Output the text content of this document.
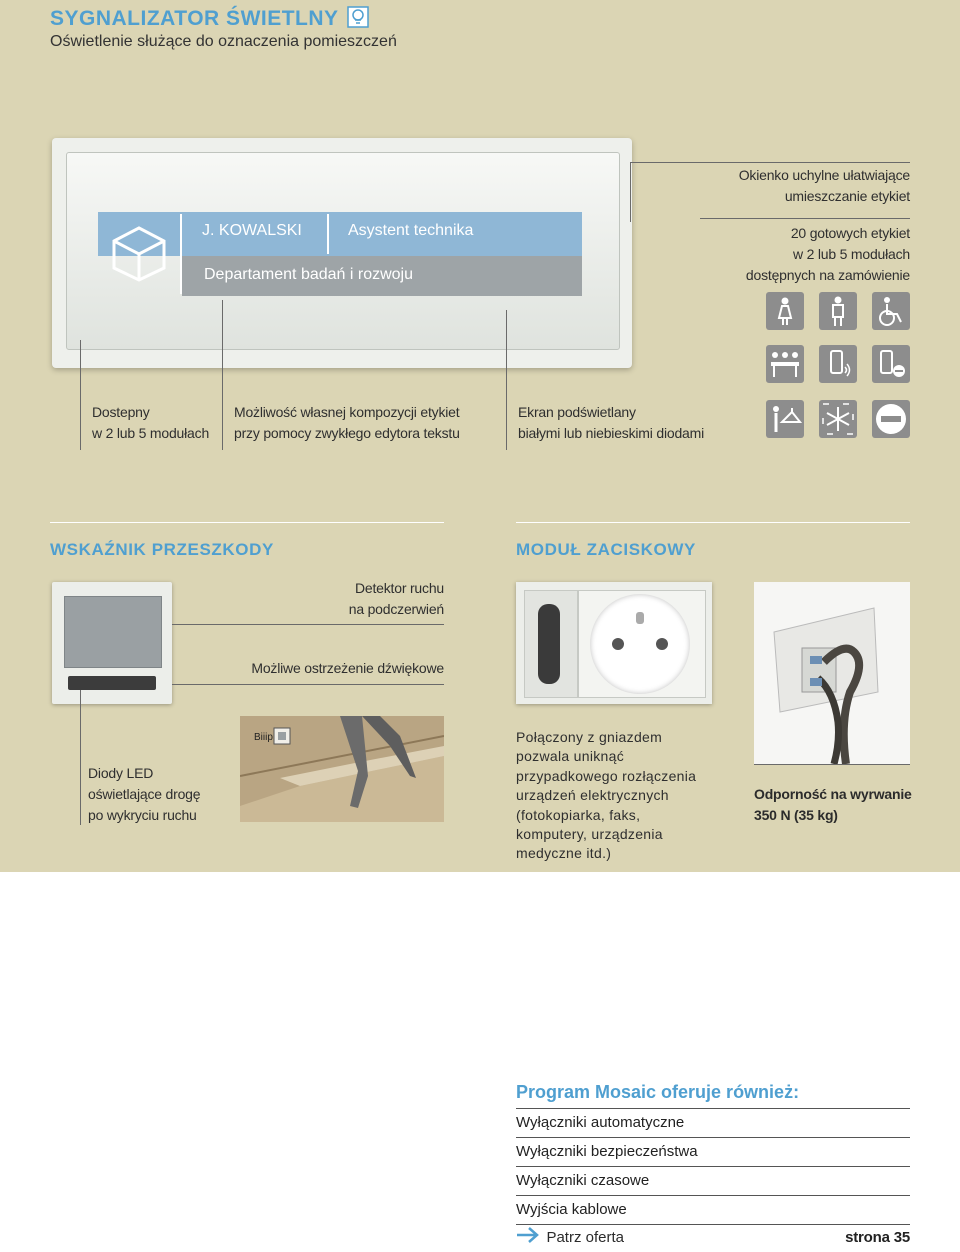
SYGNALIZATOR ŚWIETLNY
Oświetlenie służące do oznaczenia pomieszczeń
J. KOWALSKI	Asystent technika
Departament badań i rozwoju
Okienko uchylne ułatwiające
umieszczanie etykiet
20 gotowych etykiet
w 2 lub 5 modułach
dostępnych na zamówienie
Dostepny
w 2 lub 5 modułach
Możliwość własnej kompozycji etykiet
przy pomocy zwykłego edytora tekstu
Ekran podświetlany
białymi lub niebieskimi diodami
WSKAŹNIK PRZESZKODY	MODUŁ ZACISKOWY
Detektor ruchu
na podczerwień
Możliwe ostrzeżenie dźwiękowe
Diody LED
oświetlające drogę
po wykryciu ruchu
Biiip	Połączony z gniazdem
pozwala uniknąć
przypadkowego rozłączenia
urządzeń elektrycznych
(fotokopiarka, faks,
komputery, urządzenia
medyczne itd.)
Odporność na wyrwanie
350 N (35 kg)
Program Mosaic oferuje również:
Wyłączniki automatyczne
Wyłączniki bezpieczeństwa
Wyłączniki czasowe
Wyjścia kablowe
Patrz oferta	strona 35
